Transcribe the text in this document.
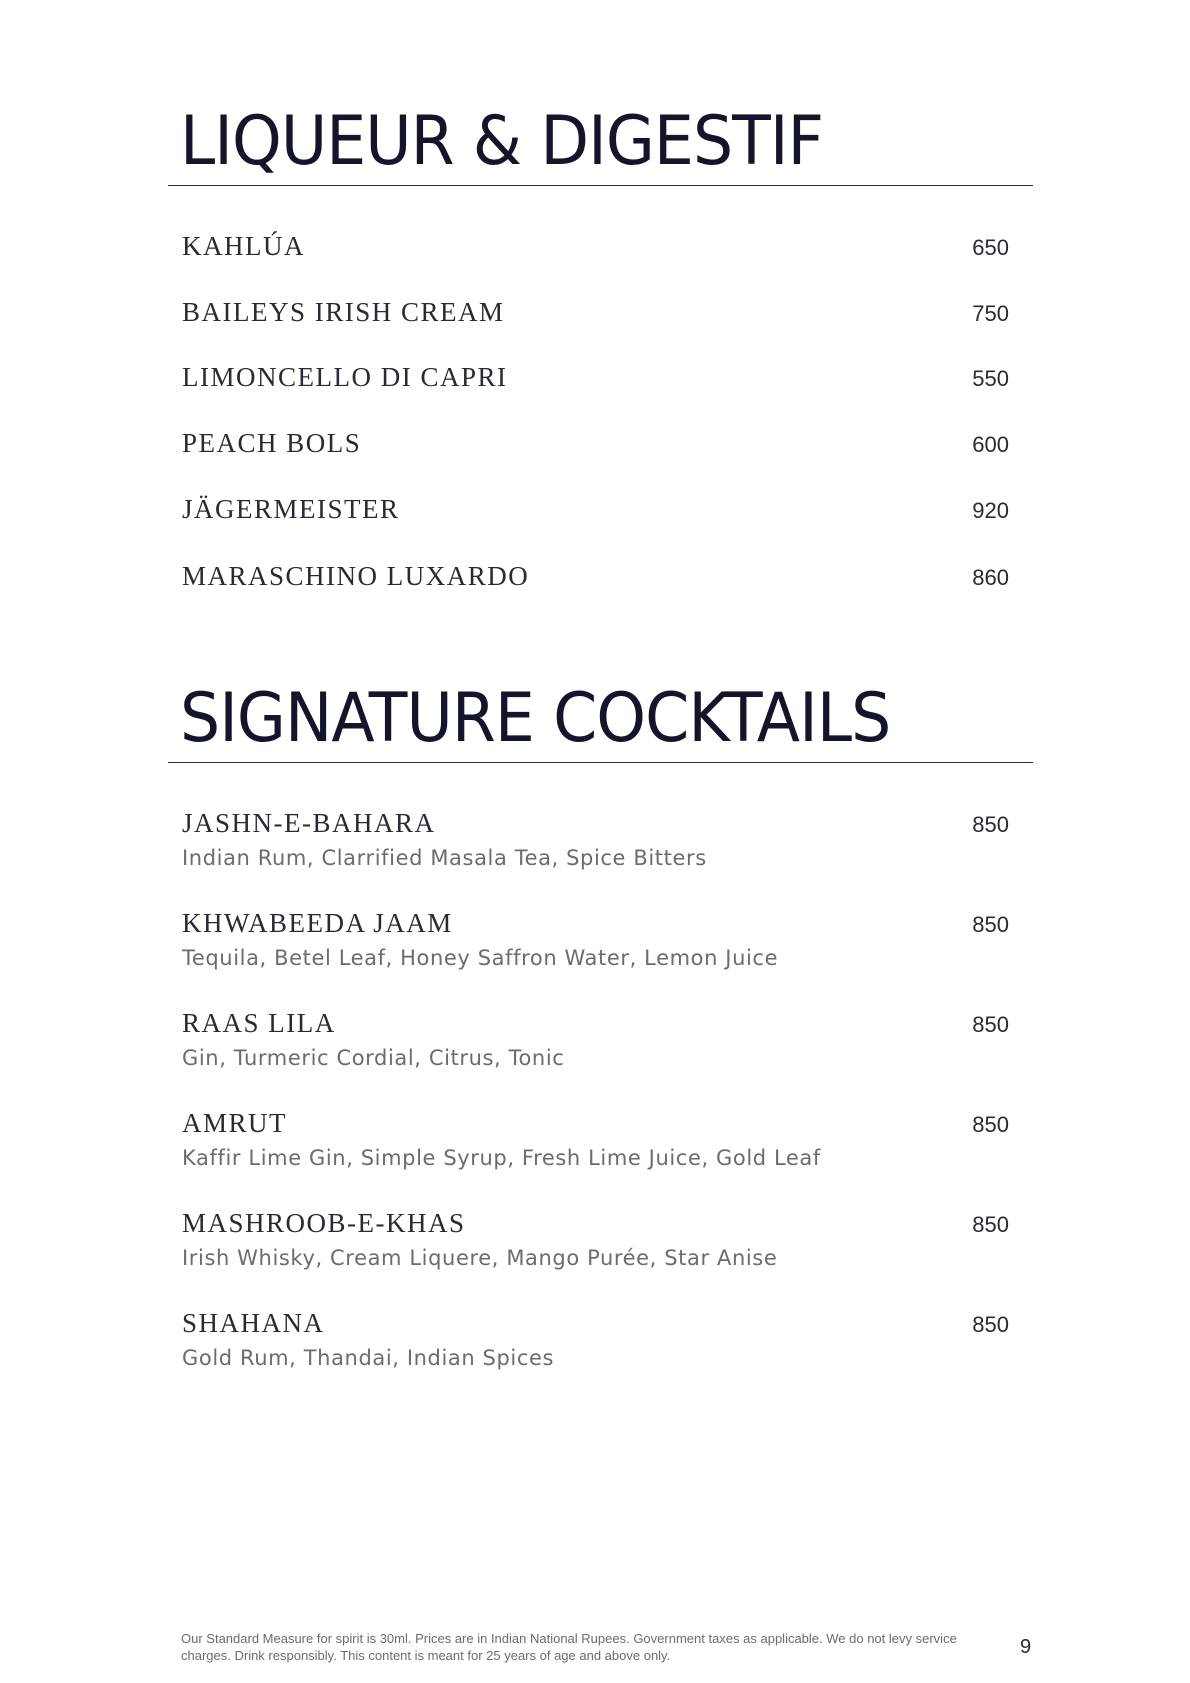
LIQUEUR & DIGESTIF
KAHLÚA	650
BAILEYS IRISH CREAM	750
LIMONCELLO DI CAPRI	550
PEACH BOLS	600
JÄGERMEISTER	920
MARASCHINO LUXARDO	860
SIGNATURE COCKTAILS
JASHN-E-BAHARA	850
Indian Rum, Clarrified Masala Tea, Spice Bitters
KHWABEEDA JAAM	850
Tequila, Betel Leaf, Honey Saffron Water, Lemon Juice
RAAS LILA	850
Gin, Turmeric Cordial, Citrus, Tonic
AMRUT	850
Kaffir Lime Gin, Simple Syrup, Fresh Lime Juice, Gold Leaf
MASHROOB-E-KHAS	850
Irish Whisky, Cream Liquere, Mango Purée, Star Anise
SHAHANA	850
Gold Rum, Thandai, Indian Spices
Our Standard Measure for spirit is 30ml. Prices are in Indian National Rupees. Government taxes as applicable. We do not levy service charges. Drink responsibly. This content is meant for 25 years of age and above only.	9
